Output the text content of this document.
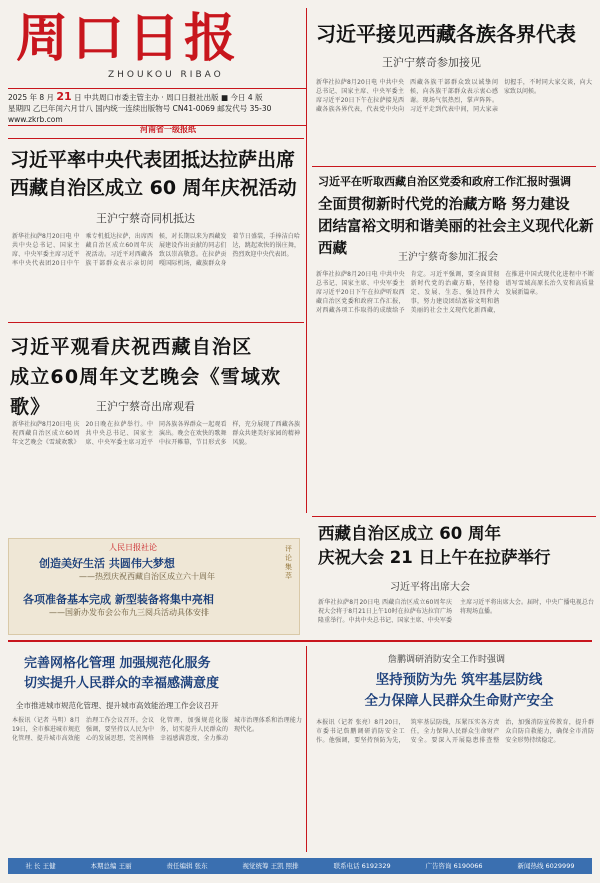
周口日报
ZHOUKOU RIBAO
2025 年 8 月 21 日 中共周口市委主管主办 · 周口日报社出版 ■ 今日 4 版
星期四 乙巳年闰六月廿八 国内统一连续出版物号 CN41-0069 邮发代号 35-30 www.zkrb.com
河南省一级报纸
习近平接见西藏各族各界代表
王沪宁蔡奇参加接见
新华社拉萨8月20日电 中共中央总书记、国家主席、中央军委主席习近平20日下午在拉萨接见西藏各族各界代表，代表党中央向西藏各族干部群众致以诚挚问候，向各族干部群众表示衷心感谢。现场气氛热烈，掌声阵阵。习近平走到代表中间，同大家亲切握手，不时同大家交谈，向大家致以问候。
习近平率中央代表团抵达拉萨出席
西藏自治区成立 60 周年庆祝活动
王沪宁蔡奇同机抵达
新华社拉萨8月20日电 中共中央总书记、国家主席、中央军委主席习近平率中央代表团20日中午乘专机抵达拉萨，出席西藏自治区成立60周年庆祝活动。习近平对西藏各族干部群众表示亲切问候，对长期以来为西藏发展建设作出贡献的同志们致以崇高敬意。在拉萨贡嘎国际机场，藏族群众身着节日盛装，手捧洁白哈达，跳起欢快的锅庄舞，热烈欢迎中央代表团。
习近平在听取西藏自治区党委和政府工作汇报时强调
全面贯彻新时代党的治藏方略 努力建设
团结富裕文明和谐美丽的社会主义现代化新西藏
王沪宁蔡奇参加汇报会
新华社拉萨8月20日电 中共中央总书记、国家主席、中央军委主席习近平20日下午在拉萨听取西藏自治区党委和政府工作汇报，对西藏各项工作取得的成绩给予肯定。习近平强调，要全面贯彻新时代党的治藏方略，坚持稳定、发展、生态、强边四件大事，努力建设团结富裕文明和谐美丽的社会主义现代化新西藏，在推进中国式现代化进程中不断谱写雪域高原长治久安和高质量发展新篇章。
习近平观看庆祝西藏自治区
成立60周年文艺晚会《雪域欢歌》	王沪宁蔡奇出席观看
新华社拉萨8月20日电 庆祝西藏自治区成立60周年文艺晚会《雪域欢歌》20日晚在拉萨举行。中共中央总书记、国家主席、中央军委主席习近平同各族各界群众一起观看演出。晚会在欢快的歌舞中拉开帷幕，节目形式多样，充分展现了西藏各族群众共建美好家园的精神风貌。
人民日报社论
创造美好生活 共圆伟大梦想
——热烈庆祝西藏自治区成立六十周年
各项准备基本完成 新型装备将集中亮相
——国新办发布会公布九三阅兵活动具体安排
评论集萃
西藏自治区成立 60 周年
庆祝大会 21 日上午在拉萨举行
习近平将出席大会
新华社拉萨8月20日电 西藏自治区成立60周年庆祝大会将于8月21日上午10时在拉萨布达拉宫广场隆重举行。中共中央总书记、国家主席、中央军委主席习近平将出席大会。届时，中央广播电视总台将现场直播。
完善网格化管理 加强规范化服务
切实提升人民群众的幸福感满意度
全市推进城市规范化管理、提升城市高效能治理工作会议召开
本报讯（记者 马明）8月19日，全市推进城市规范化管理、提升城市高效能治理工作会议召开。会议强调，要坚持以人民为中心的发展思想，完善网格化管理，加强规范化服务，切实提升人民群众的幸福感满意度，全力推动城市治理体系和治理能力现代化。
詹鹏调研消防安全工作时强调
坚持预防为先 筑牢基层防线
全力保障人民群众生命财产安全
本报讯（记者 张亮）8月20日，市委书记詹鹏调研消防安全工作。他强调，要坚持预防为先，筑牢基层防线，压紧压实各方责任，全力保障人民群众生命财产安全。要深入开展隐患排查整治，加强消防宣传教育，提升群众自防自救能力，确保全市消防安全形势持续稳定。
社 长 王健	本期总编 王丽	责任编辑 张东	视觉统筹 王凯 照排	联系电话 6192329	广告咨询 6190066	新闻热线 6029999
